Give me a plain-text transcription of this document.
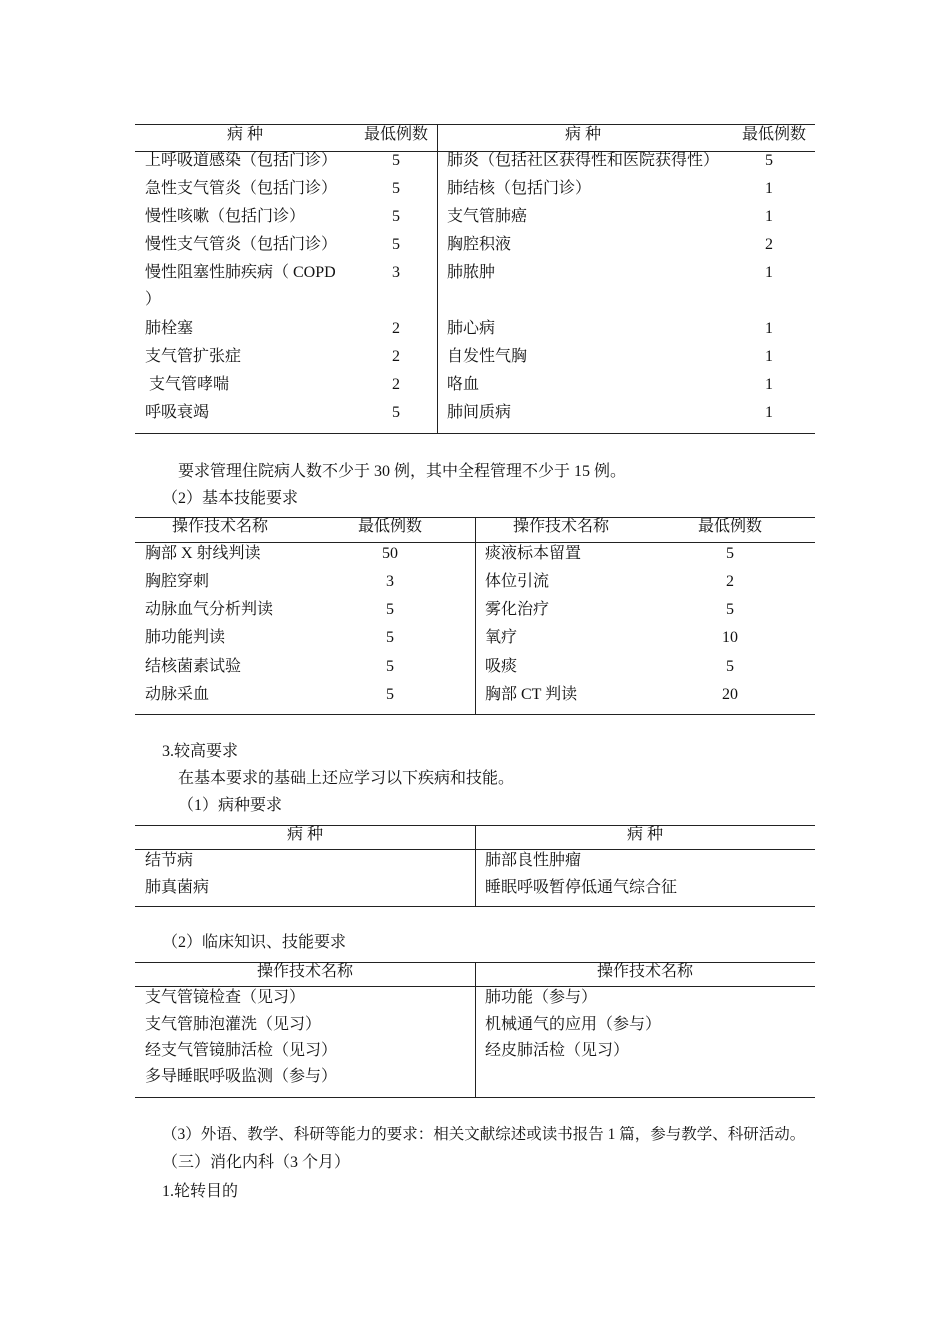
病 种	最低例数	病 种	最低例数
上呼吸道感染（包括门诊）	5	肺炎（包括社区获得性和医院获得性）	5
急性支气管炎（包括门诊）	5	肺结核（包括门诊）	1
慢性咳嗽（包括门诊）	5	支气管肺癌	1
慢性支气管炎（包括门诊）	5	胸腔积液	2
慢性阻塞性肺疾病（ COPD	3	肺脓肿	1
）
肺栓塞	2	肺心病	1
支气管扩张症	2	自发性气胸	1
支气管哮喘	2	咯血	1
呼吸衰竭	5	肺间质病	1
要求管理住院病人数不少于 30 例，其中全程管理不少于 15 例。
（2）基本技能要求
操作技术名称	最低例数	操作技术名称	最低例数
胸部 X 射线判读	50	痰液标本留置	5
胸腔穿刺	3	体位引流	2
动脉血气分析判读	5	雾化治疗	5
肺功能判读	5	氧疗	10
结核菌素试验	5	吸痰	5
动脉采血	5	胸部 CT 判读	20
3.较高要求
在基本要求的基础上还应学习以下疾病和技能。
（1）病种要求
病 种	病 种
结节病	肺部良性肿瘤
肺真菌病	睡眠呼吸暂停低通气综合征
（2）临床知识、技能要求
操作技术名称	操作技术名称
支气管镜检查（见习）	肺功能（参与）
支气管肺泡灌洗（见习）	机械通气的应用（参与）
经支气管镜肺活检（见习）	经皮肺活检（见习）
多导睡眠呼吸监测（参与）
（3）外语、教学、科研等能力的要求：相关文献综述或读书报告 1 篇，参与教学、科研活动。
（三）消化内科（3 个月）
1.轮转目的
